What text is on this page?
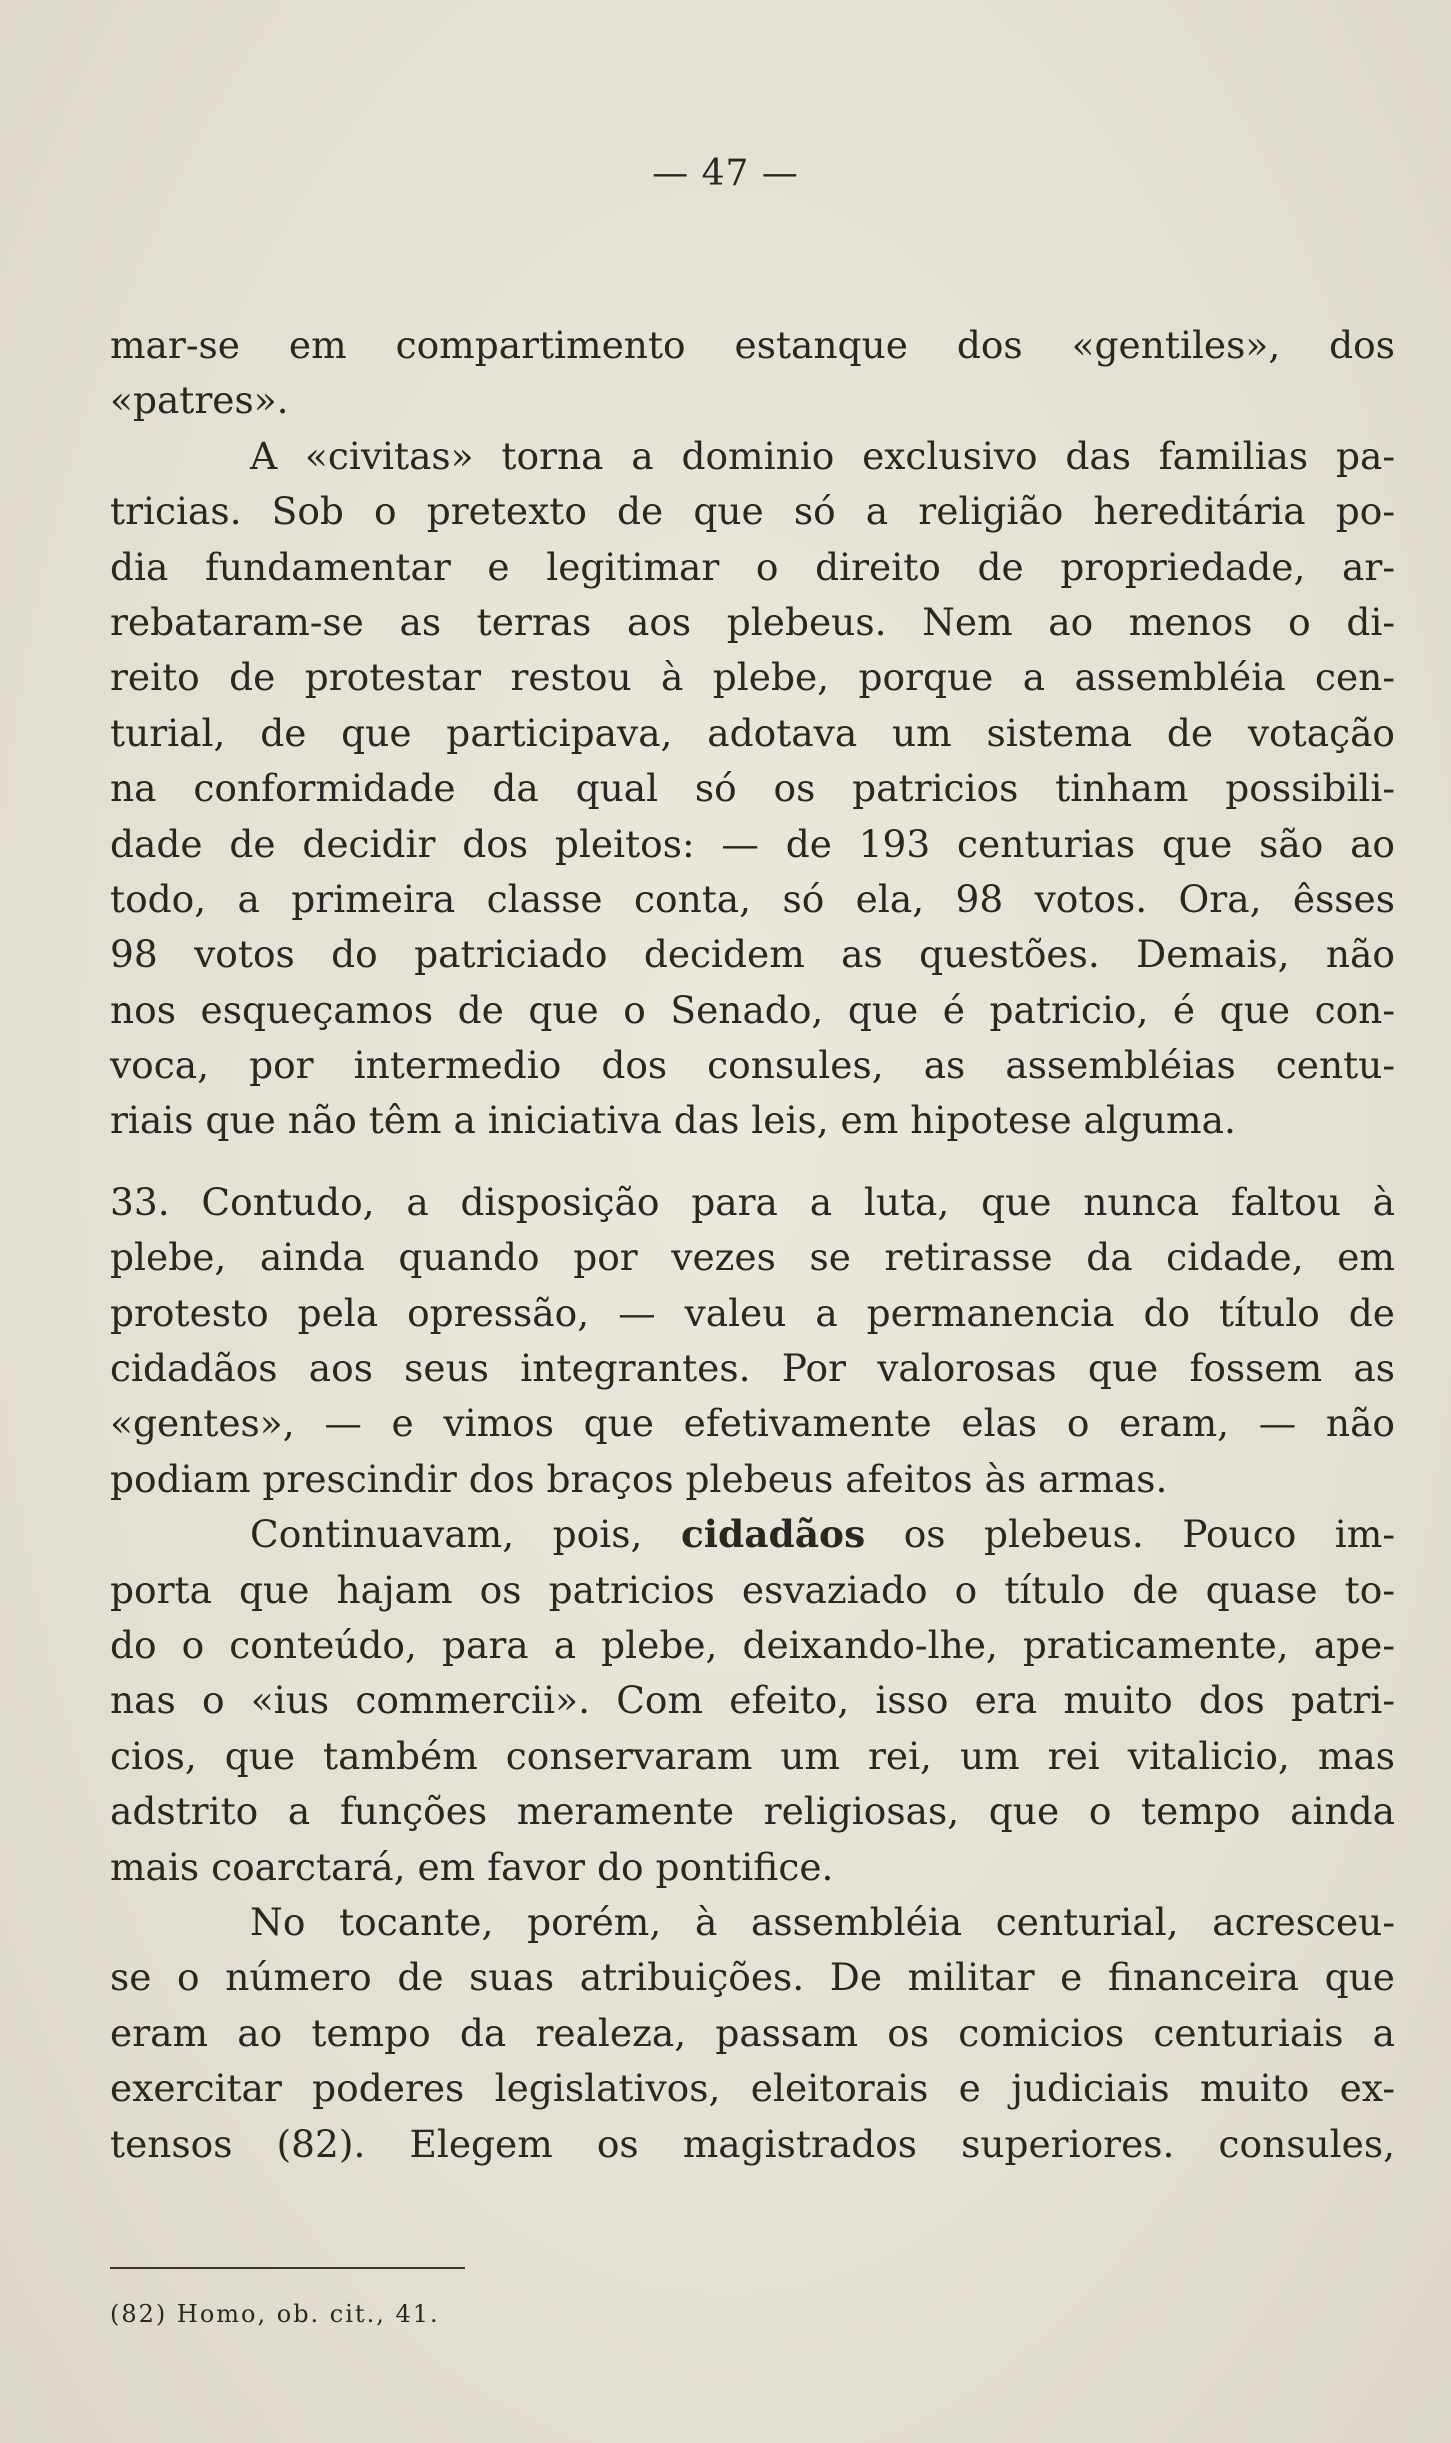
— 47 —
mar-se em compartimento estanque dos «gentiles», dos
«patres».
A «civitas» torna a dominio exclusivo das familias pa-
tricias. Sob o pretexto de que só a religião hereditária po-
dia fundamentar e legitimar o direito de propriedade, ar-
rebataram-se as terras aos plebeus. Nem ao menos o di-
reito de protestar restou à plebe, porque a assembléia cen-
turial, de que participava, adotava um sistema de votação
na conformidade da qual só os patricios tinham possibili-
dade de decidir dos pleitos: — de 193 centurias que são ao
todo, a primeira classe conta, só ela, 98 votos. Ora, êsses
98 votos do patriciado decidem as questões. Demais, não
nos esqueçamos de que o Senado, que é patricio, é que con-
voca, por intermedio dos consules, as assembléias centu-
riais que não têm a iniciativa das leis, em hipotese alguma.
33. Contudo, a disposição para a luta, que nunca faltou à
plebe, ainda quando por vezes se retirasse da cidade, em
protesto pela opressão, — valeu a permanencia do título de
cidadãos aos seus integrantes. Por valorosas que fossem as
«gentes», — e vimos que efetivamente elas o eram, — não
podiam prescindir dos braços plebeus afeitos às armas.
Continuavam, pois, cidadãos os plebeus. Pouco im-
porta que hajam os patricios esvaziado o título de quase to-
do o conteúdo, para a plebe, deixando-lhe, praticamente, ape-
nas o «ius commercii». Com efeito, isso era muito dos patri-
cios, que também conservaram um rei, um rei vitalicio, mas
adstrito a funções meramente religiosas, que o tempo ainda
mais coarctará, em favor do pontifice.
No tocante, porém, à assembléia centurial, acresceu-
se o número de suas atribuições. De militar e financeira que
eram ao tempo da realeza, passam os comicios centuriais a
exercitar poderes legislativos, eleitorais e judiciais muito ex-
tensos (82). Elegem os magistrados superiores. consules,
(82) Homo, ob. cit., 41.
